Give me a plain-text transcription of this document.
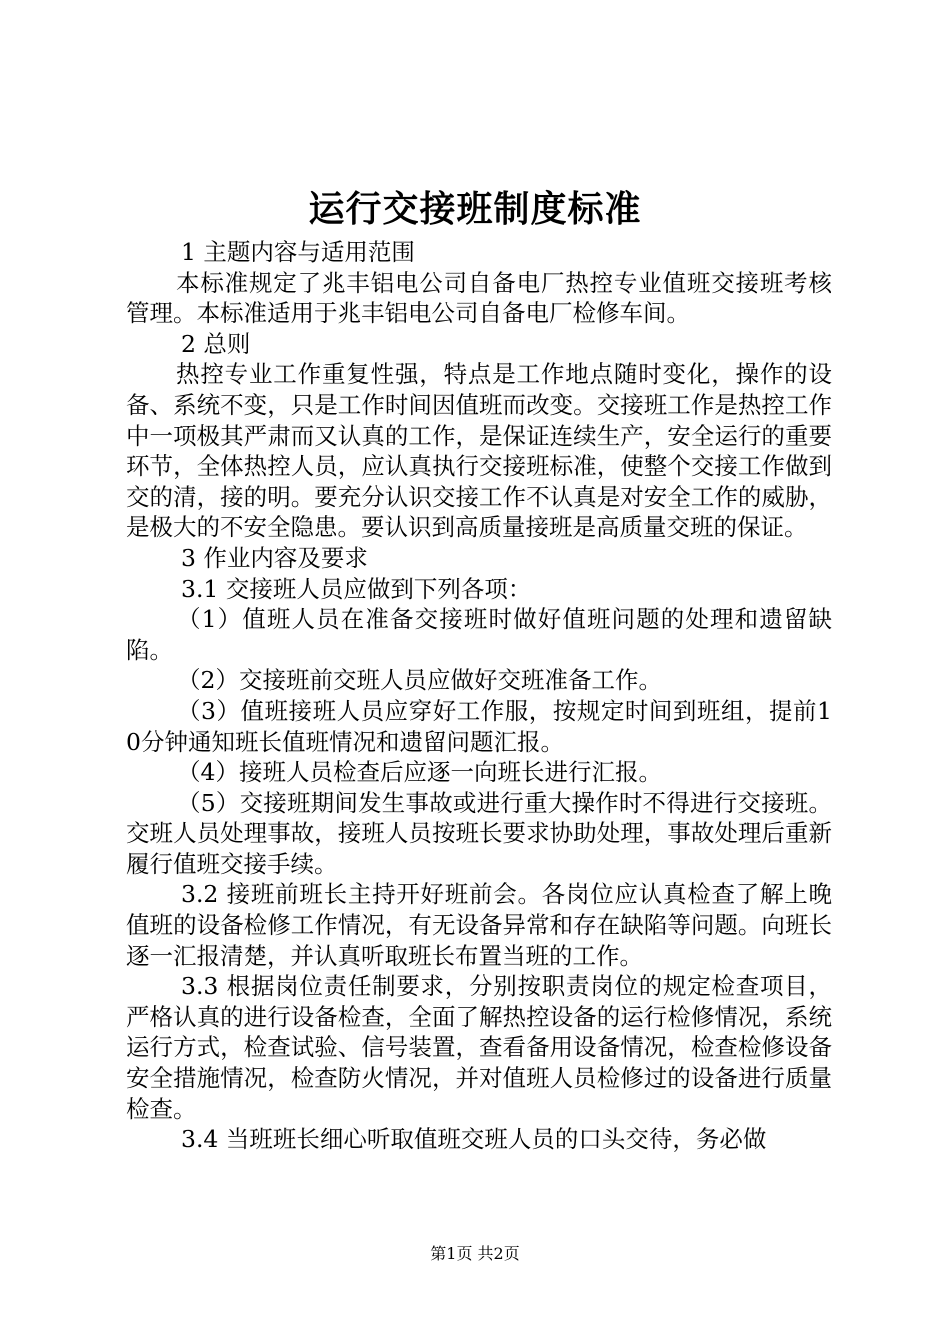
运行交接班制度标准

1 主题内容与适用范围

本标准规定了兆丰铝电公司自备电厂热控专业值班交接班考核管理。本标准适用于兆丰铝电公司自备电厂检修车间。

2 总则

热控专业工作重复性强，特点是工作地点随时变化，操作的设备、系统不变，只是工作时间因值班而改变。交接班工作是热控工作中一项极其严肃而又认真的工作，是保证连续生产，安全运行的重要环节，全体热控人员，应认真执行交接班标准，使整个交接工作做到交的清，接的明。要充分认识交接工作不认真是对安全工作的威胁，是极大的不安全隐患。要认识到高质量接班是高质量交班的保证。

3 作业内容及要求

3.1 交接班人员应做到下列各项：

（1）值班人员在准备交接班时做好值班问题的处理和遗留缺陷。

（2）交接班前交班人员应做好交班准备工作。

（3）值班接班人员应穿好工作服，按规定时间到班组，提前10分钟通知班长值班情况和遗留问题汇报。

（4）接班人员检查后应逐一向班长进行汇报。

（5）交接班期间发生事故或进行重大操作时不得进行交接班。交班人员处理事故，接班人员按班长要求协助处理，事故处理后重新履行值班交接手续。

3.2 接班前班长主持开好班前会。各岗位应认真检查了解上晚值班的设备检修工作情况，有无设备异常和存在缺陷等问题。向班长逐一汇报清楚，并认真听取班长布置当班的工作。

3.3 根据岗位责任制要求，分别按职责岗位的规定检查项目，严格认真的进行设备检查，全面了解热控设备的运行检修情况，系统运行方式，检查试验、信号装置，查看备用设备情况，检查检修设备安全措施情况，检查防火情况，并对值班人员检修过的设备进行质量检查。

3.4 当班班长细心听取值班交班人员的口头交待，务必做

第1页 共2页
